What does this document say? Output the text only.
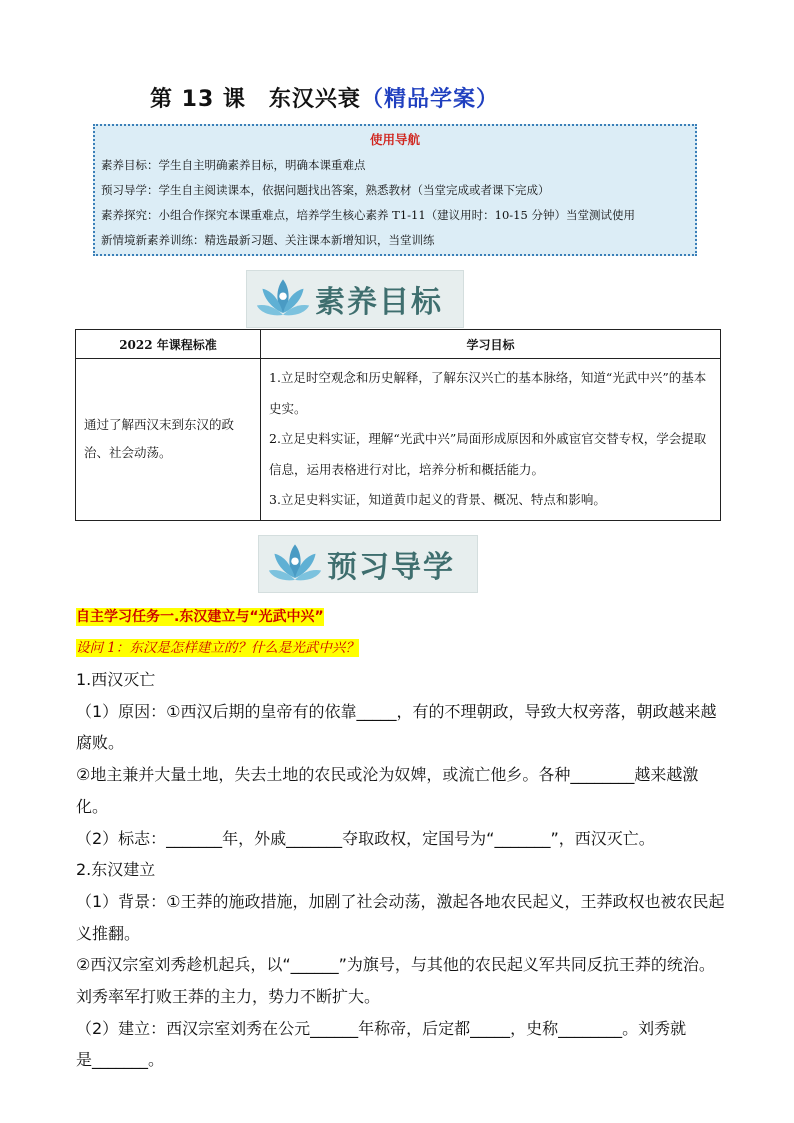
第 13 课　东汉兴衰（精品学案）
使用导航
素养目标：学生自主明确素养目标，明确本课重难点
预习导学：学生自主阅读课本，依据问题找出答案，熟悉教材（当堂完成或者课下完成）
素养探究：小组合作探究本课重难点，培养学生核心素养 T1-11（建议用时：10-15 分钟）当堂测试使用
新情境新素养训练：精选最新习题、关注课本新增知识，当堂训练
素养目标
2022 年课程标准	学习目标
通过了解西汉末到东汉的政治、社会动荡。	1.立足时空观念和历史解释，了解东汉兴亡的基本脉络，知道“光武中兴”的基本史实。
2.立足史料实证，理解“光武中兴”局面形成原因和外戚宦官交替专权，学会提取信息，运用表格进行对比，培养分析和概括能力。
3.立足史料实证，知道黄巾起义的背景、概况、特点和影响。
预习导学
自主学习任务一.东汉建立与“光武中兴”
设问 1：东汉是怎样建立的？什么是光武中兴？

1.西汉灭亡

（1）原因：①西汉后期的皇帝有的依靠_____，有的不理朝政，导致大权旁落，朝政越来越

腐败。

②地主兼并大量土地，失去土地的农民或沦为奴婢，或流亡他乡。各种________越来越激化。

（2）标志：_______年，外戚_______夺取政权，定国号为“_______”，西汉灭亡。

2.东汉建立

（1）背景：①王莽的施政措施，加剧了社会动荡，激起各地农民起义，王莽政权也被农民起

义推翻。

②西汉宗室刘秀趁机起兵，以“______”为旗号，与其他的农民起义军共同反抗王莽的统治。

刘秀率军打败王莽的主力，势力不断扩大。

（2）建立：西汉宗室刘秀在公元______年称帝，后定都_____，史称________。刘秀就

是_______。
